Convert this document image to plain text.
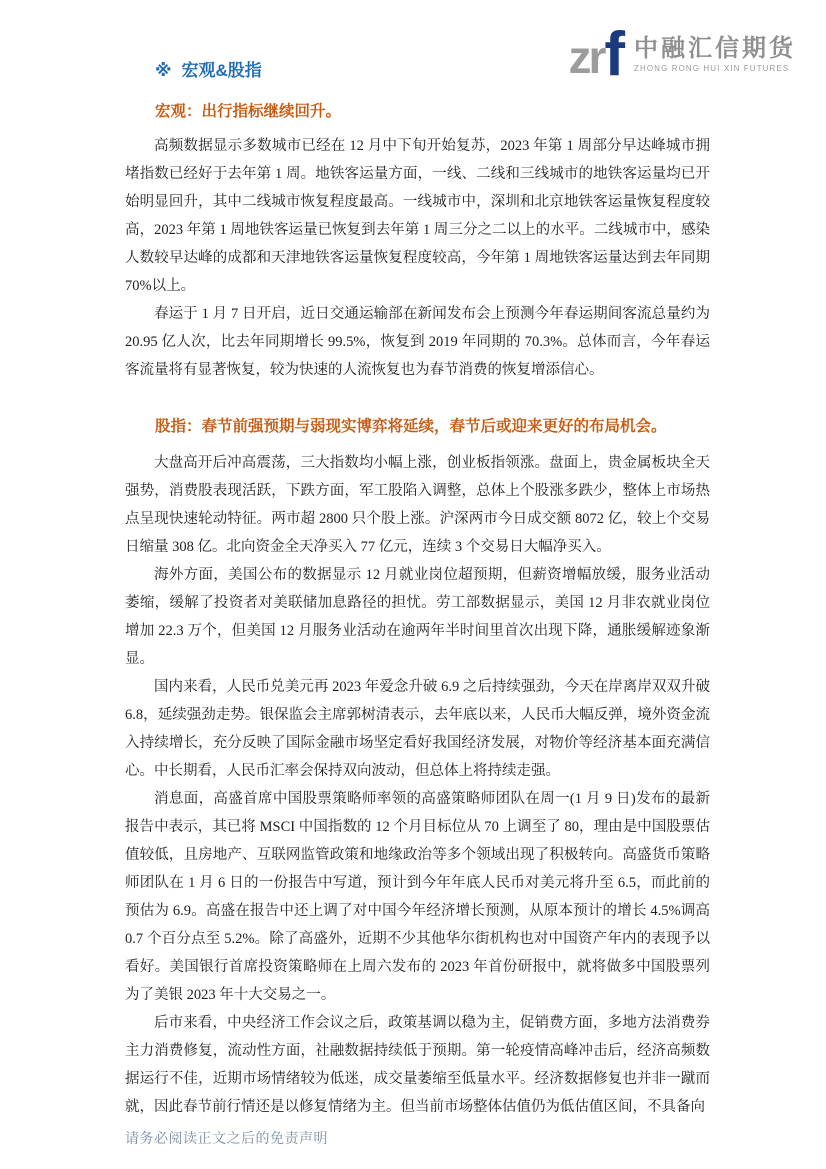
zr f 中融汇信期货
ZHONG RONG HUI XIN FUTURES
※ 宏观&股指
宏观：出行指标继续回升。

高频数据显示多数城市已经在 12 月中下旬开始复苏，2023 年第 1 周部分早达峰城市拥堵指数已经好于去年第 1 周。地铁客运量方面，一线、二线和三线城市的地铁客运量均已开始明显回升，其中二线城市恢复程度最高。一线城市中，深圳和北京地铁客运量恢复程度较高，2023 年第 1 周地铁客运量已恢复到去年第 1 周三分之二以上的水平。二线城市中，感染人数较早达峰的成都和天津地铁客运量恢复程度较高，今年第 1 周地铁客运量达到去年同期 70%以上。

春运于 1 月 7 日开启，近日交通运输部在新闻发布会上预测今年春运期间客流总量约为 20.95 亿人次，比去年同期增长 99.5%，恢复到 2019 年同期的 70.3%。总体而言，今年春运客流量将有显著恢复，较为快速的人流恢复也为春节消费的恢复增添信心。

股指：春节前强预期与弱现实博弈将延续，春节后或迎来更好的布局机会。

大盘高开后冲高震荡，三大指数均小幅上涨，创业板指领涨。盘面上，贵金属板块全天强势，消费股表现活跃，下跌方面，军工股陷入调整，总体上个股涨多跌少，整体上市场热点呈现快速轮动特征。两市超 2800 只个股上涨。沪深两市今日成交额 8072 亿，较上个交易日缩量 308 亿。北向资金全天净买入 77 亿元，连续 3 个交易日大幅净买入。

海外方面，美国公布的数据显示 12 月就业岗位超预期，但薪资增幅放缓，服务业活动萎缩，缓解了投资者对美联储加息路径的担忧。劳工部数据显示，美国 12 月非农就业岗位增加 22.3 万个，但美国 12 月服务业活动在逾两年半时间里首次出现下降，通胀缓解迹象渐显。

国内来看，人民币兑美元再 2023 年爱念升破 6.9 之后持续强劲，今天在岸离岸双双升破 6.8，延续强劲走势。银保监会主席郭树清表示，去年底以来，人民币大幅反弹，境外资金流入持续增长，充分反映了国际金融市场坚定看好我国经济发展，对物价等经济基本面充满信心。中长期看，人民币汇率会保持双向波动，但总体上将持续走强。

消息面，高盛首席中国股票策略师率领的高盛策略师团队在周一(1 月 9 日)发布的最新报告中表示，其已将 MSCI 中国指数的 12 个月目标位从 70 上调至了 80，理由是中国股票估值较低，且房地产、互联网监管政策和地缘政治等多个领域出现了积极转向。高盛货币策略师团队在 1 月 6 日的一份报告中写道，预计到今年年底人民币对美元将升至 6.5，而此前的预估为 6.9。高盛在报告中还上调了对中国今年经济增长预测，从原本预计的增长 4.5%调高 0.7 个百分点至 5.2%。除了高盛外，近期不少其他华尔街机构也对中国资产年内的表现予以看好。美国银行首席投资策略师在上周六发布的 2023 年首份研报中，就将做多中国股票列为了美银 2023 年十大交易之一。

后市来看，中央经济工作会议之后，政策基调以稳为主，促销费方面，多地方法消费券主力消费修复，流动性方面，社融数据持续低于预期。第一轮疫情高峰冲击后，经济高频数据运行不佳，近期市场情绪较为低迷，成交量萎缩至低量水平。经济数据修复也并非一蹴而就，因此春节前行情还是以修复情绪为主。但当前市场整体估值仍为低估值区间，不具备向

请务必阅读正文之后的免责声明
